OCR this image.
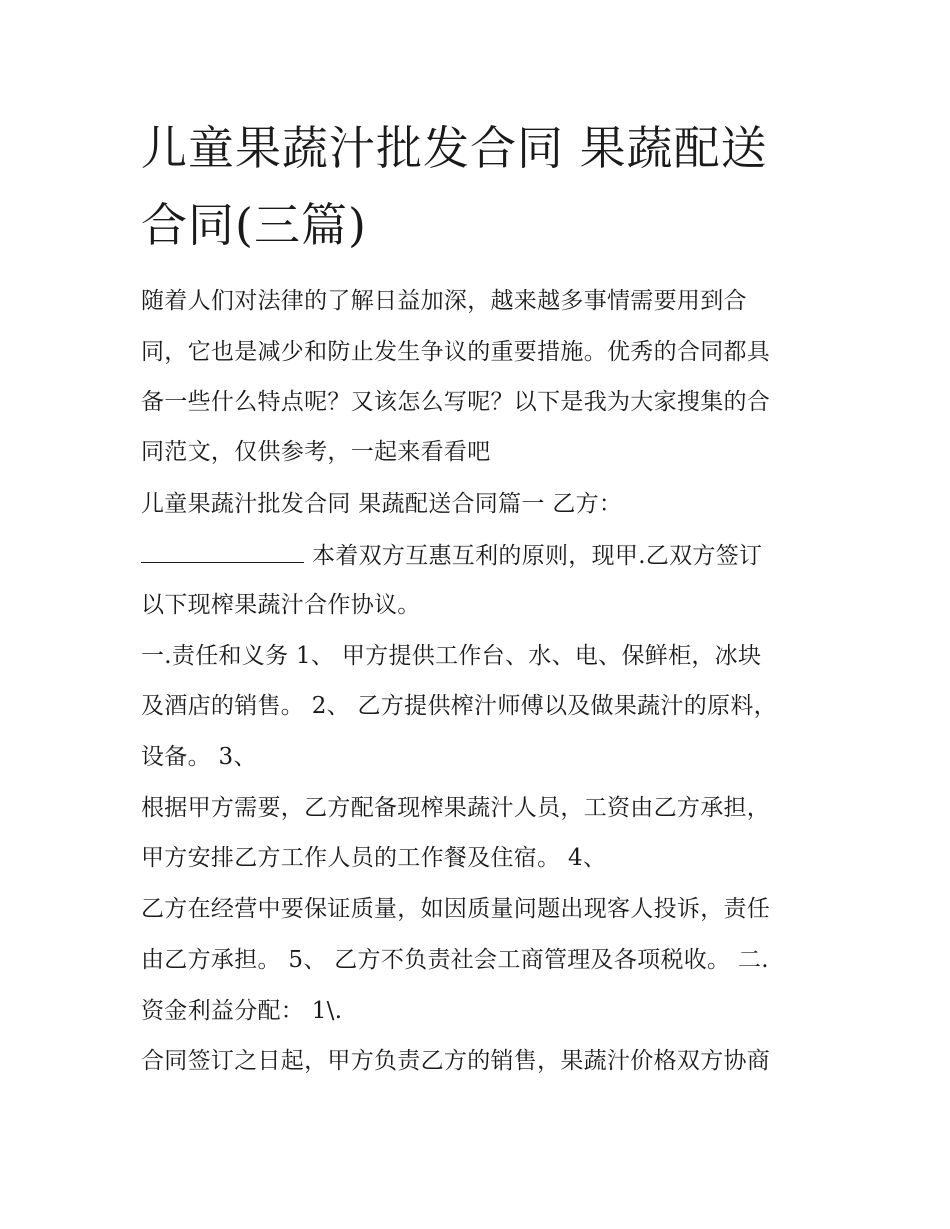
儿童果蔬汁批发合同 果蔬配送
合同(三篇)
随着人们对法律的了解日益加深，越来越多事情需要用到合
同，它也是减少和防止发生争议的重要措施。优秀的合同都具
备一些什么特点呢？又该怎么写呢？以下是我为大家搜集的合
同范文，仅供参考，一起来看看吧
儿童果蔬汁批发合同 果蔬配送合同篇一 乙方：
本着双方互惠互利的原则，现甲.乙双方签订
以下现榨果蔬汁合作协议。
一.责任和义务 1、 甲方提供工作台、水、电、保鲜柜，冰块
及酒店的销售。 2、 乙方提供榨汁师傅以及做果蔬汁的原料，
设备。 3、
根据甲方需要，乙方配备现榨果蔬汁人员，工资由乙方承担，
甲方安排乙方工作人员的工作餐及住宿。 4、
乙方在经营中要保证质量，如因质量问题出现客人投诉，责任
由乙方承担。 5、 乙方不负责社会工商管理及各项税收。 二.
资金利益分配： 1\.
合同签订之日起，甲方负责乙方的销售，果蔬汁价格双方协商
